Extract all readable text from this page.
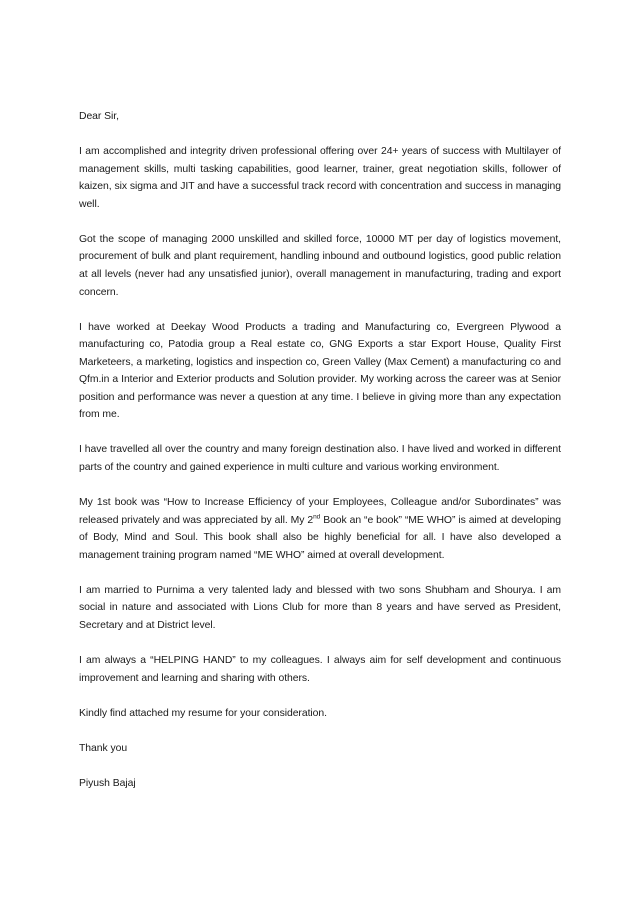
Dear Sir,

I am accomplished and integrity driven professional offering over 24+ years of success with Multilayer of management skills, multi tasking capabilities, good learner, trainer, great negotiation skills, follower of kaizen, six sigma and JIT and have a successful track record with concentration and success in managing well.

Got the scope of managing 2000 unskilled and skilled force, 10000 MT per day of logistics movement, procurement of bulk and plant requirement, handling inbound and outbound logistics, good public relation at all levels (never had any unsatisfied junior), overall management in manufacturing, trading and export concern.

I have worked at Deekay Wood Products a trading and Manufacturing co, Evergreen Plywood a manufacturing co, Patodia group a Real estate co, GNG Exports a star Export House, Quality First Marketeers, a marketing, logistics and inspection co, Green Valley (Max Cement) a manufacturing co and Qfm.in a Interior and Exterior products and Solution provider. My working across the career was at Senior position and performance was never a question at any time. I believe in giving more than any expectation from me.

I have travelled all over the country and many foreign destination also. I have lived and worked in different parts of the country and gained experience in multi culture and various working environment.

My 1st book was “How to Increase Efficiency of your Employees, Colleague and/or Subordinates” was released privately and was appreciated by all. My 2nd Book an “e book” “ME WHO” is aimed at developing of Body, Mind and Soul. This book shall also be highly beneficial for all. I have also developed a management training program named “ME WHO” aimed at overall development.

I am married to Purnima a very talented lady and blessed with two sons Shubham and Shourya. I am social in nature and associated with Lions Club for more than 8 years and have served as President, Secretary and at District level.

I am always a “HELPING HAND” to my colleagues. I always aim for self development and continuous improvement and learning and sharing with others.

Kindly find attached my resume for your consideration.

Thank you

Piyush Bajaj
